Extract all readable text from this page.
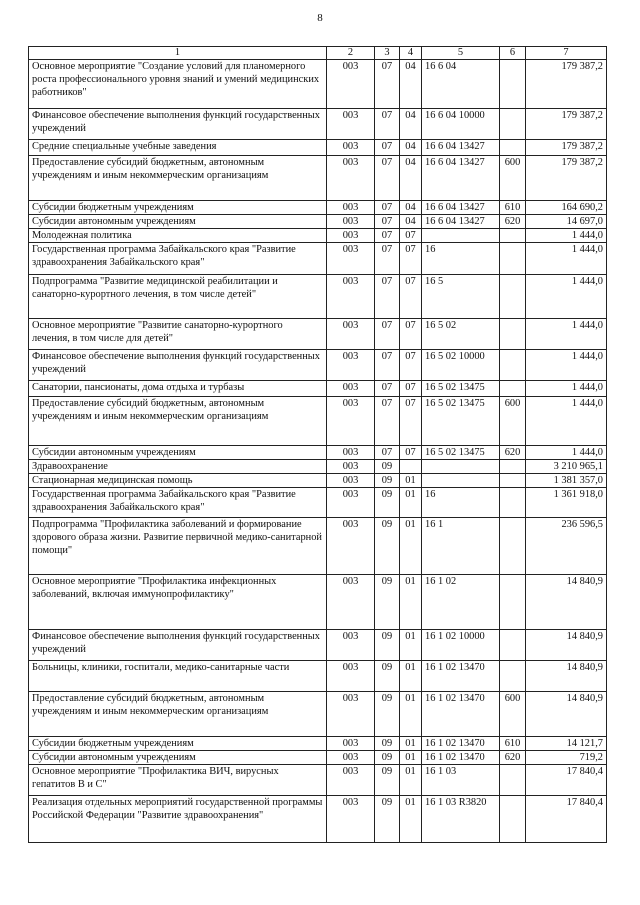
8
1	2	3	4	5	6	7
Основное мероприятие "Создание условий для планомерного роста профессионального уровня знаний и умений медицинских работников"	003	07	04	16 6 04		179 387,2
Финансовое обеспечение выполнения функций государственных учреждений	003	07	04	16 6 04 10000		179 387,2
Средние специальные учебные заведения	003	07	04	16 6 04 13427		179 387,2
Предоставление субсидий бюджетным, автономным учреждениям и иным некоммерческим организациям	003	07	04	16 6 04 13427	600	179 387,2
Субсидии бюджетным учреждениям	003	07	04	16 6 04 13427	610	164 690,2
Субсидии автономным учреждениям	003	07	04	16 6 04 13427	620	14 697,0
Молодежная политика	003	07	07			1 444,0
Государственная программа Забайкальского края "Развитие здравоохранения Забайкальского края"	003	07	07	16		1 444,0
Подпрограмма "Развитие медицинской реабилитации и санаторно-курортного лечения, в том числе детей"	003	07	07	16 5		1 444,0
Основное мероприятие "Развитие санаторно-курортного лечения, в том числе для детей"	003	07	07	16 5 02		1 444,0
Финансовое обеспечение выполнения функций государственных учреждений	003	07	07	16 5 02 10000		1 444,0
Санатории, пансионаты, дома отдыха и турбазы	003	07	07	16 5 02 13475		1 444,0
Предоставление субсидий бюджетным, автономным учреждениям и иным некоммерческим организациям	003	07	07	16 5 02 13475	600	1 444,0
Субсидии автономным учреждениям	003	07	07	16 5 02 13475	620	1 444,0
Здравоохранение	003	09				3 210 965,1
Стационарная медицинская помощь	003	09	01			1 381 357,0
Государственная программа Забайкальского края "Развитие здравоохранения Забайкальского края"	003	09	01	16		1 361 918,0
Подпрограмма "Профилактика заболеваний и формирование здорового образа жизни. Развитие первичной медико-санитарной помощи"	003	09	01	16 1		236 596,5
Основное мероприятие "Профилактика инфекционных заболеваний, включая иммунопрофилактику"	003	09	01	16 1 02		14 840,9
Финансовое обеспечение выполнения функций государственных учреждений	003	09	01	16 1 02 10000		14 840,9
Больницы, клиники, госпитали, медико-санитарные части	003	09	01	16 1 02 13470		14 840,9
Предоставление субсидий бюджетным, автономным учреждениям и иным некоммерческим организациям	003	09	01	16 1 02 13470	600	14 840,9
Субсидии бюджетным учреждениям	003	09	01	16 1 02 13470	610	14 121,7
Субсидии автономным учреждениям	003	09	01	16 1 02 13470	620	719,2
Основное мероприятие "Профилактика ВИЧ, вирусных гепатитов В и С"	003	09	01	16 1 03		17 840,4
Реализация отдельных мероприятий государственной программы Российской Федерации "Развитие здравоохранения"	003	09	01	16 1 03 R3820		17 840,4
